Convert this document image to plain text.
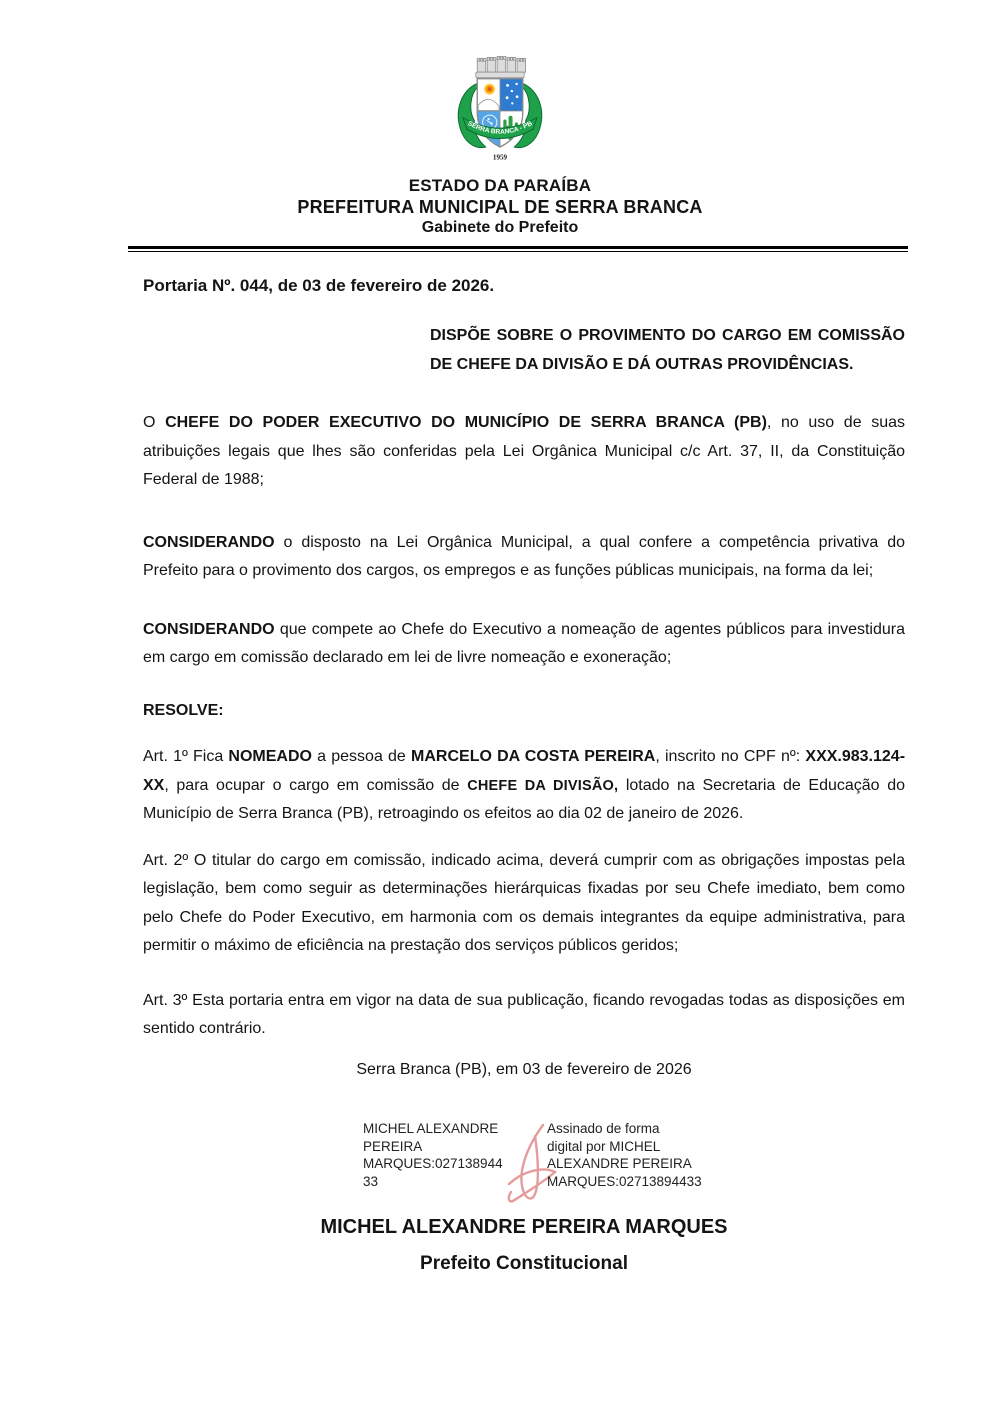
SERRA BRANCA - PB
1959
ESTADO DA PARAÍBA
PREFEITURA MUNICIPAL DE SERRA BRANCA
Gabinete do Prefeito
Portaria Nº. 044, de 03 de fevereiro de 2026.

DISPÕE SOBRE O PROVIMENTO DO CARGO EM COMISSÃO DE CHEFE DA DIVISÃO E DÁ OUTRAS PROVIDÊNCIAS.

O CHEFE DO PODER EXECUTIVO DO MUNICÍPIO DE SERRA BRANCA (PB), no uso de suas atribuições legais que lhes são conferidas pela Lei Orgânica Municipal c/c Art. 37, II, da Constituição Federal de 1988;

CONSIDERANDO o disposto na Lei Orgânica Municipal, a qual confere a competência privativa do Prefeito para o provimento dos cargos, os empregos e as funções públicas municipais, na forma da lei;

CONSIDERANDO que compete ao Chefe do Executivo a nomeação de agentes públicos para investidura em cargo em comissão declarado em lei de livre nomeação e exoneração;

RESOLVE:

Art. 1º Fica NOMEADO a pessoa de MARCELO DA COSTA PEREIRA, inscrito no CPF nº: XXX.983.124-XX, para ocupar o cargo em comissão de CHEFE DA DIVISÃO, lotado na Secretaria de Educação do Município de Serra Branca (PB), retroagindo os efeitos ao dia 02 de janeiro de 2026.

Art. 2º O titular do cargo em comissão, indicado acima, deverá cumprir com as obrigações impostas pela legislação, bem como seguir as determinações hierárquicas fixadas por seu Chefe imediato, bem como pelo Chefe do Poder Executivo, em harmonia com os demais integrantes da equipe administrativa, para permitir o máximo de eficiência na prestação dos serviços públicos geridos;

Art. 3º Esta portaria entra em vigor na data de sua publicação, ficando revogadas todas as disposições em sentido contrário.

Serra Branca (PB), em 03 de fevereiro de 2026
MICHEL ALEXANDRE
PEREIRA
MARQUES:027138944
33
Assinado de forma
digital por MICHEL
ALEXANDRE PEREIRA
MARQUES:02713894433
MICHEL ALEXANDRE PEREIRA MARQUES
Prefeito Constitucional
